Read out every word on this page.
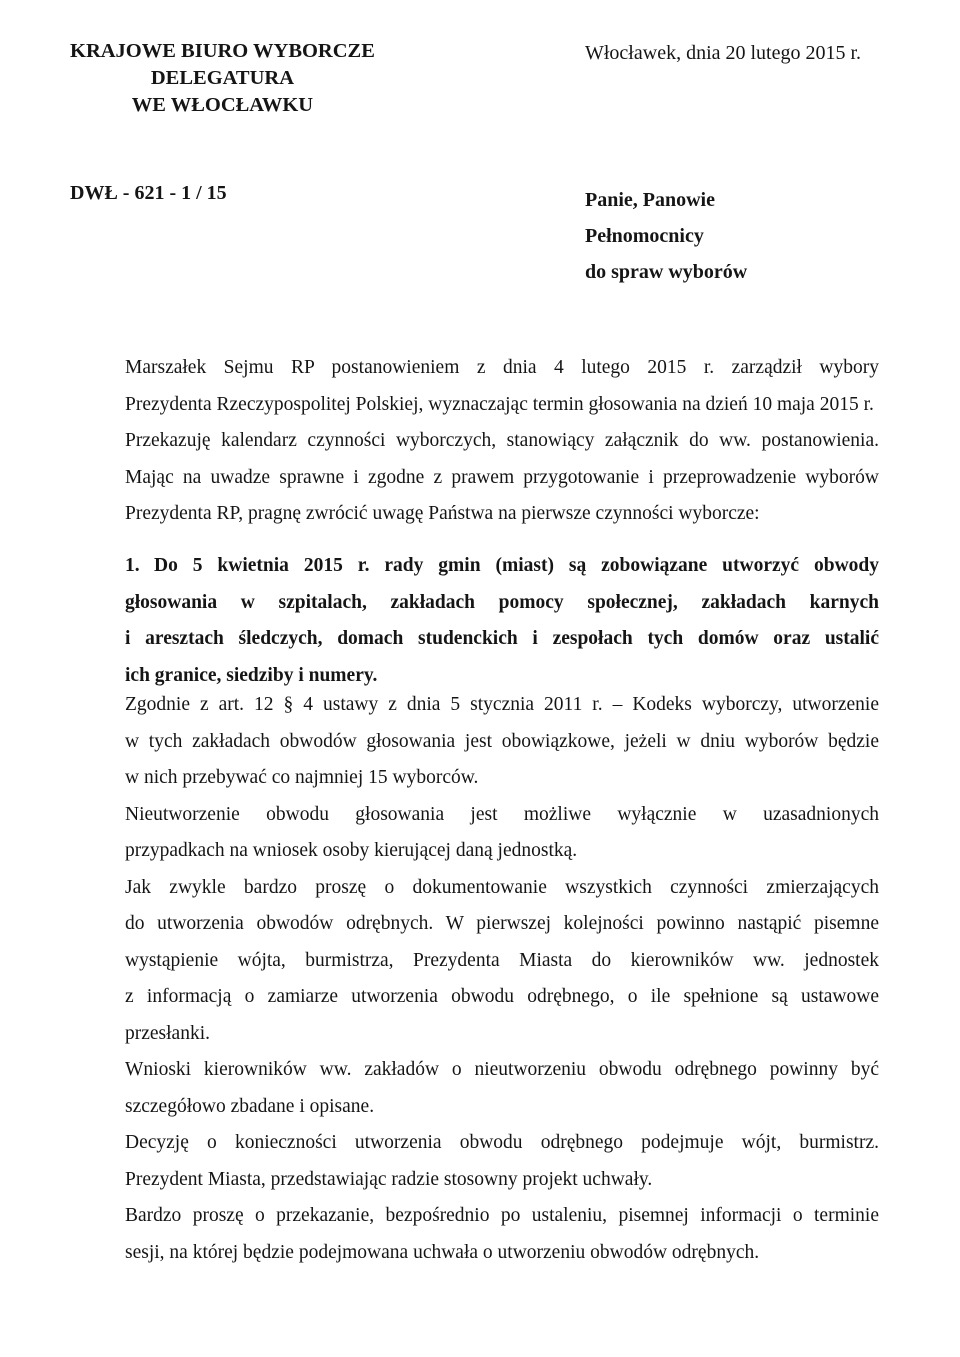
KRAJOWE BIURO WYBORCZE
DELEGATURA
WE WŁOCŁAWKU
Włocławek, dnia 20 lutego 2015 r.
DWŁ - 621 - 1 / 15	Panie, Panowie
Pełnomocnicy
do spraw wyborów
Marszałek Sejmu RP postanowieniem z dnia 4 lutego 2015 r. zarządził wybory
Prezydenta Rzeczypospolitej Polskiej, wyznaczając termin głosowania na dzień 10 maja 2015 r.
Przekazuję kalendarz czynności wyborczych, stanowiący załącznik do ww. postanowienia.
Mając na uwadze sprawne i zgodne z prawem przygotowanie i przeprowadzenie wyborów
Prezydenta RP, pragnę zwrócić uwagę Państwa na pierwsze czynności wyborcze:
1. Do 5 kwietnia 2015 r. rady gmin (miast) są zobowiązane utworzyć obwody
głosowania w szpitalach, zakładach pomocy społecznej, zakładach karnych
i aresztach śledczych, domach studenckich i zespołach tych domów oraz ustalić
ich granice, siedziby i numery.
Zgodnie z art. 12 § 4 ustawy z dnia 5 stycznia 2011 r. – Kodeks wyborczy, utworzenie
w tych zakładach obwodów głosowania jest obowiązkowe, jeżeli w dniu wyborów będzie
w nich przebywać co najmniej 15 wyborców.
Nieutworzenie obwodu głosowania jest możliwe wyłącznie w uzasadnionych
przypadkach na wniosek osoby kierującej daną jednostką.
Jak zwykle bardzo proszę o dokumentowanie wszystkich czynności zmierzających
do utworzenia obwodów odrębnych. W pierwszej kolejności powinno nastąpić pisemne
wystąpienie wójta, burmistrza, Prezydenta Miasta do kierowników ww. jednostek
z informacją o zamiarze utworzenia obwodu odrębnego, o ile spełnione są ustawowe
przesłanki.
Wnioski kierowników ww. zakładów o nieutworzeniu obwodu odrębnego powinny być
szczegółowo zbadane i opisane.
Decyzję o konieczności utworzenia obwodu odrębnego podejmuje wójt, burmistrz.
Prezydent Miasta, przedstawiając radzie stosowny projekt uchwały.
Bardzo proszę o przekazanie, bezpośrednio po ustaleniu, pisemnej informacji o terminie
sesji, na której będzie podejmowana uchwała o utworzeniu obwodów odrębnych.
